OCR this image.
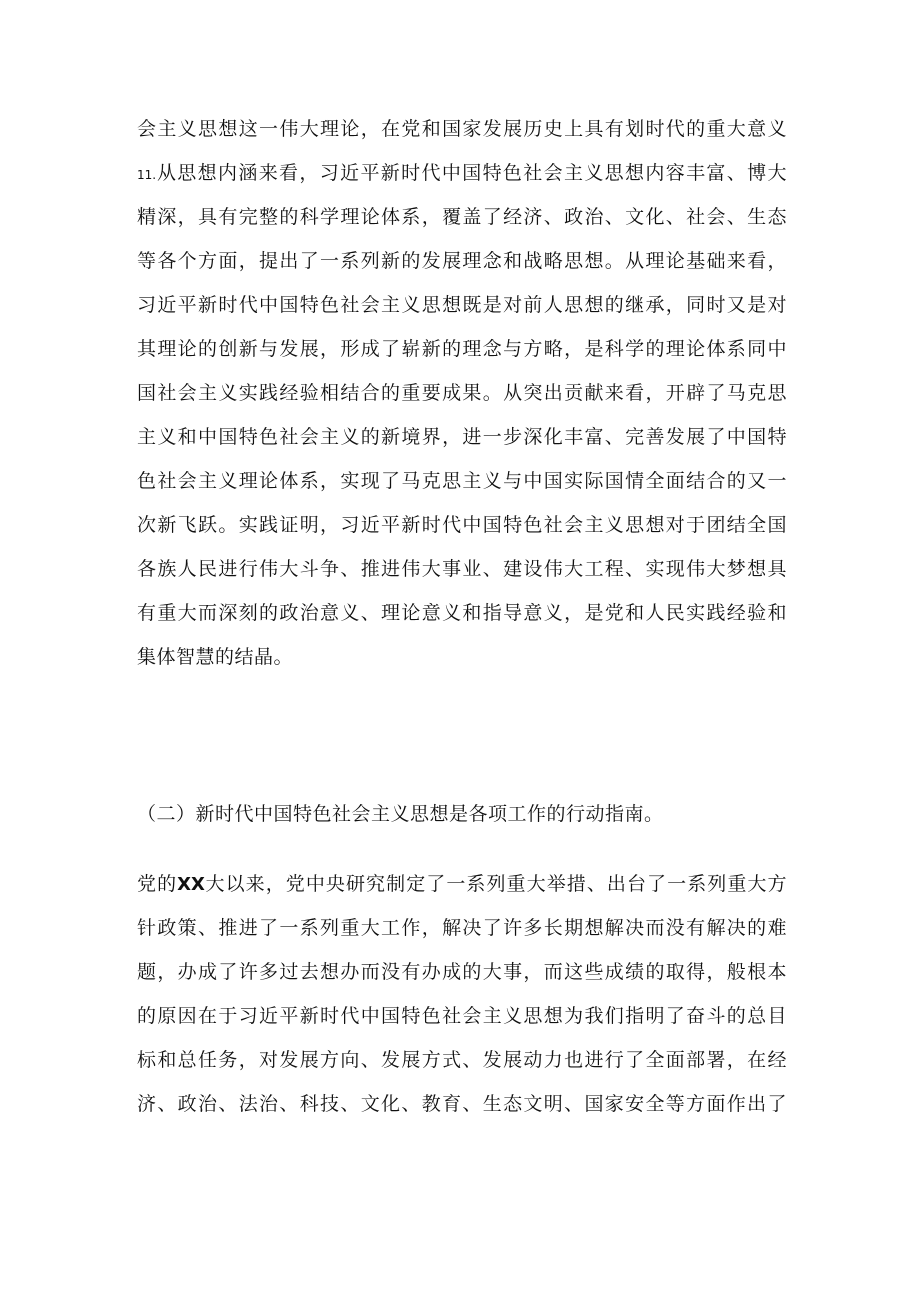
会主义思想这一伟大理论，在党和国家发展历史上具有划时代的重大意义
11.从思想内涵来看，习近平新时代中国特色社会主义思想内容丰富、博大
精深，具有完整的科学理论体系，覆盖了经济、政治、文化、社会、生态
等各个方面，提出了一系列新的发展理念和战略思想。从理论基础来看，
习近平新时代中国特色社会主义思想既是对前人思想的继承，同时又是对
其理论的创新与发展，形成了崭新的理念与方略，是科学的理论体系同中
国社会主义实践经验相结合的重要成果。从突出贡献来看，开辟了马克思
主义和中国特色社会主义的新境界，进一步深化丰富、完善发展了中国特
色社会主义理论体系，实现了马克思主义与中国实际国情全面结合的又一
次新飞跃。实践证明，习近平新时代中国特色社会主义思想对于团结全国
各族人民进行伟大斗争、推进伟大事业、建设伟大工程、实现伟大梦想具
有重大而深刻的政治意义、理论意义和指导意义，是党和人民实践经验和
集体智慧的结晶。
（二）新时代中国特色社会主义思想是各项工作的行动指南。
党的XX大以来，党中央研究制定了一系列重大举措、出台了一系列重大方
针政策、推进了一系列重大工作，解决了许多长期想解决而没有解决的难
题，办成了许多过去想办而没有办成的大事，而这些成绩的取得，般根本
的原因在于习近平新时代中国特色社会主义思想为我们指明了奋斗的总目
标和总任务，对发展方向、发展方式、发展动力也进行了全面部署，在经
济、政治、法治、科技、文化、教育、生态文明、国家安全等方面作出了
